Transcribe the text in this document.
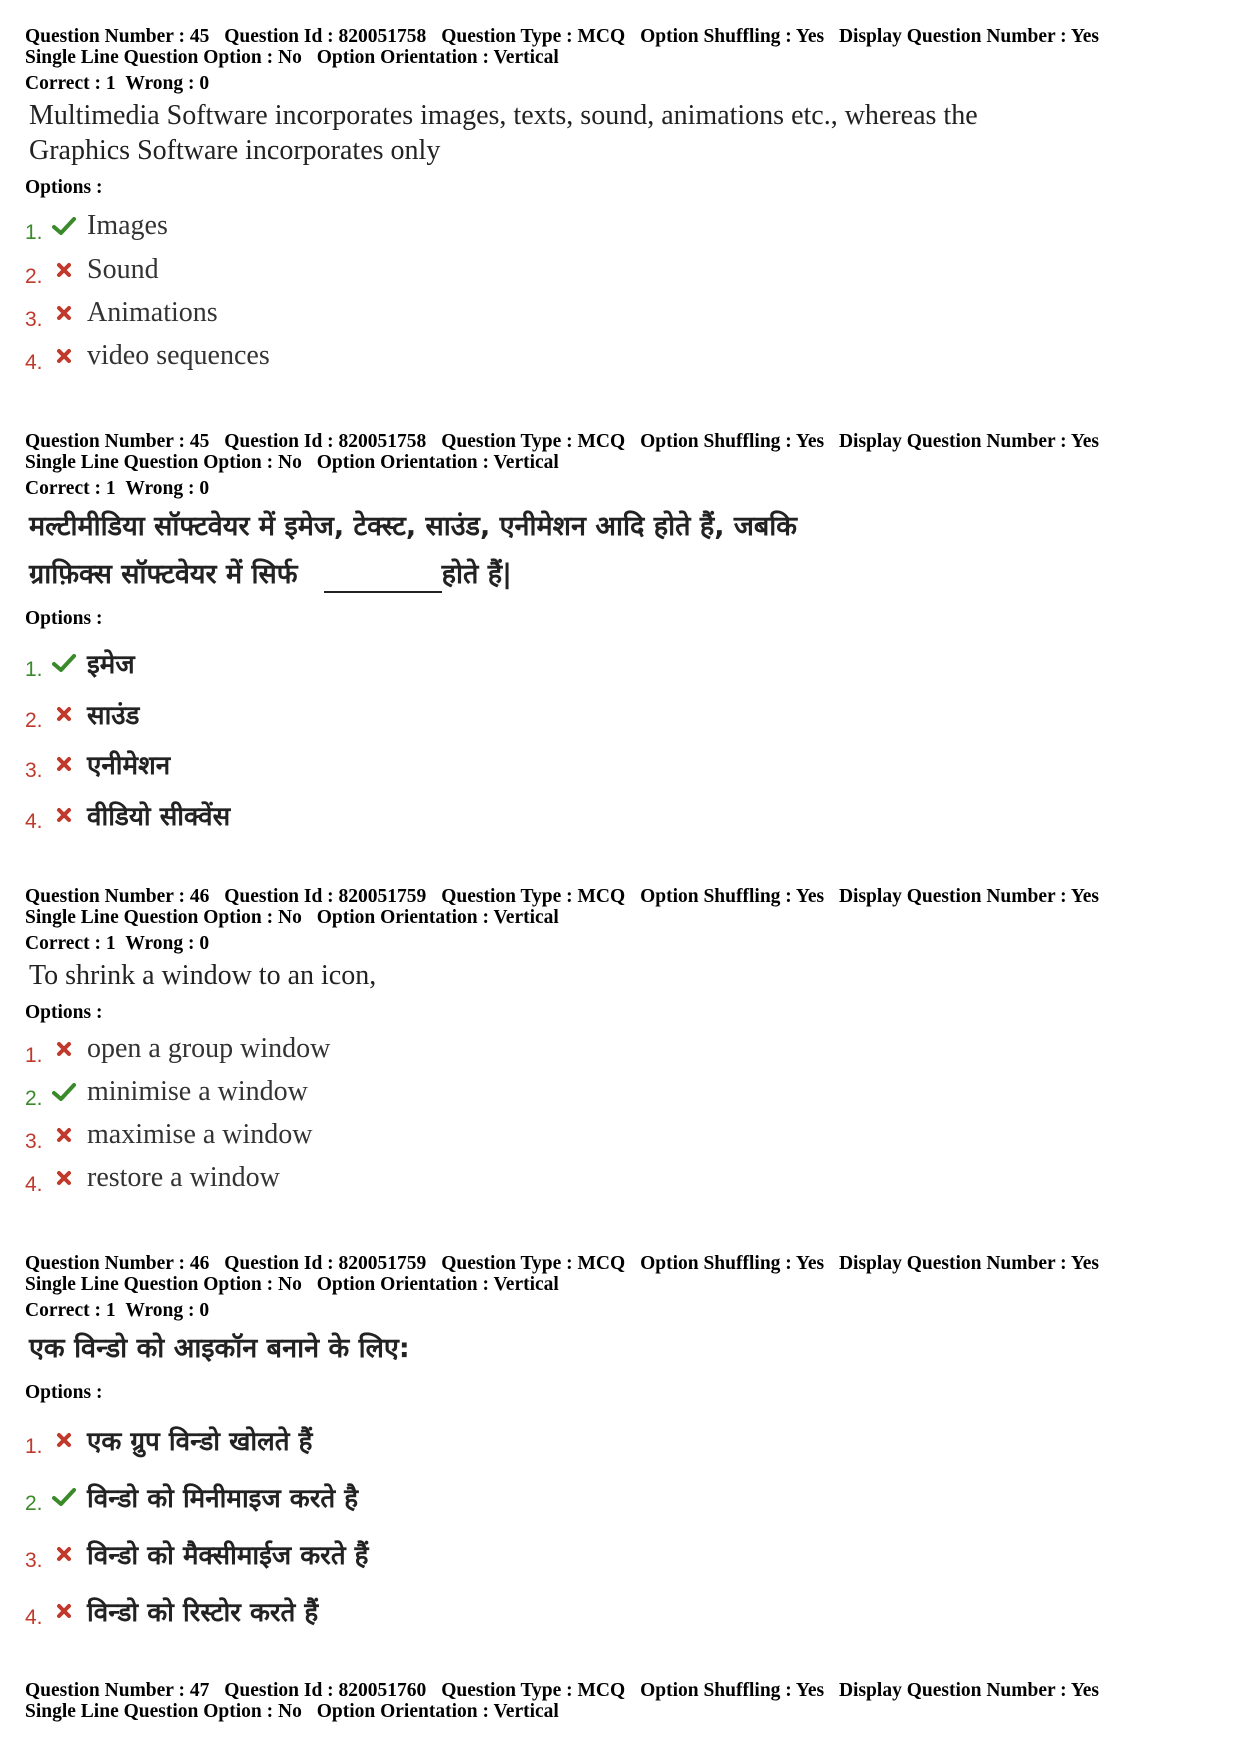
Question Number : 45 Question Id : 820051758 Question Type : MCQ Option Shuffling : Yes Display Question Number : Yes
Single Line Question Option : No Option Orientation : Vertical
Correct : 1 Wrong : 0
Multimedia Software incorporates images, texts, sound, animations etc., whereas the
Graphics Software incorporates only
Options :
1.	Images
2.	Sound
3.	Animations
4.	video sequences
Question Number : 45 Question Id : 820051758 Question Type : MCQ Option Shuffling : Yes Display Question Number : Yes
Single Line Question Option : No Option Orientation : Vertical
Correct : 1 Wrong : 0
मल्टीमीडिया सॉफ्टवेयर में इमेज, टेक्स्ट, साउंड, एनीमेशन आदि होते हैं, जबकि
ग्राफ़िक्स सॉफ्टवेयर में सिर्फ	होते हैं|
Options :
1.	इमेज
2.	साउंड
3.	एनीमेशन
4.	वीडियो सीक्वेंस
Question Number : 46 Question Id : 820051759 Question Type : MCQ Option Shuffling : Yes Display Question Number : Yes
Single Line Question Option : No Option Orientation : Vertical
Correct : 1 Wrong : 0
To shrink a window to an icon,
Options :
1.	open a group window
2.	minimise a window
3.	maximise a window
4.	restore a window
Question Number : 46 Question Id : 820051759 Question Type : MCQ Option Shuffling : Yes Display Question Number : Yes
Single Line Question Option : No Option Orientation : Vertical
Correct : 1 Wrong : 0
एक विन्डो को आइकॉन बनाने के लिए:
Options :
1.	एक ग्रुप विन्डो खोलते हैं
2.	विन्डो को मिनीमाइज करते है
3.	विन्डो को मैक्सीमाईज करते हैं
4.	विन्डो को रिस्टोर करते हैं
Question Number : 47 Question Id : 820051760 Question Type : MCQ Option Shuffling : Yes Display Question Number : Yes
Single Line Question Option : No Option Orientation : Vertical
